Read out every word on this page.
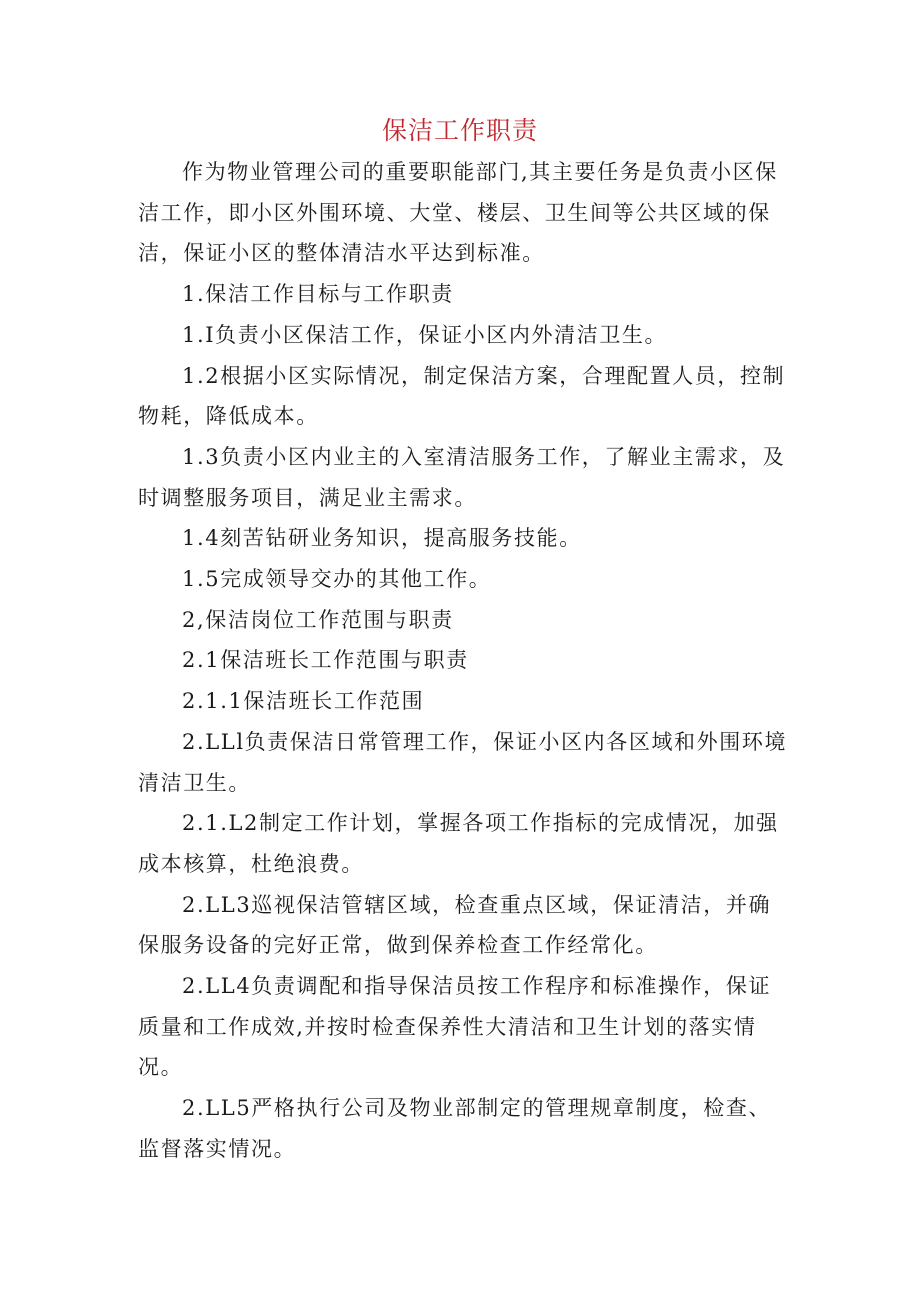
保洁工作职责

作为物业管理公司的重要职能部门,其主要任务是负责小区保洁工作，即小区外围环境、大堂、楼层、卫生间等公共区域的保洁，保证小区的整体清洁水平达到标准。

1.保洁工作目标与工作职责

1.I负责小区保洁工作，保证小区内外清洁卫生。

1.2根据小区实际情况，制定保洁方案，合理配置人员，控制物耗，降低成本。

1.3负责小区内业主的入室清洁服务工作，了解业主需求，及时调整服务项目，满足业主需求。

1.4刻苦钻研业务知识，提高服务技能。

1.5完成领导交办的其他工作。

2,保洁岗位工作范围与职责

2.1保洁班长工作范围与职责

2.1.1保洁班长工作范围

2.LLl负责保洁日常管理工作，保证小区内各区域和外围环境清洁卫生。

2.1.L2制定工作计划，掌握各项工作指标的完成情况，加强成本核算，杜绝浪费。

2.LL3巡视保洁管辖区域，检查重点区域，保证清洁，并确保服务设备的完好正常，做到保养检查工作经常化。

2.LL4负责调配和指导保洁员按工作程序和标准操作，保证质量和工作成效,并按时检查保养性大清洁和卫生计划的落实情况。

2.LL5严格执行公司及物业部制定的管理规章制度，检查、监督落实情况。
